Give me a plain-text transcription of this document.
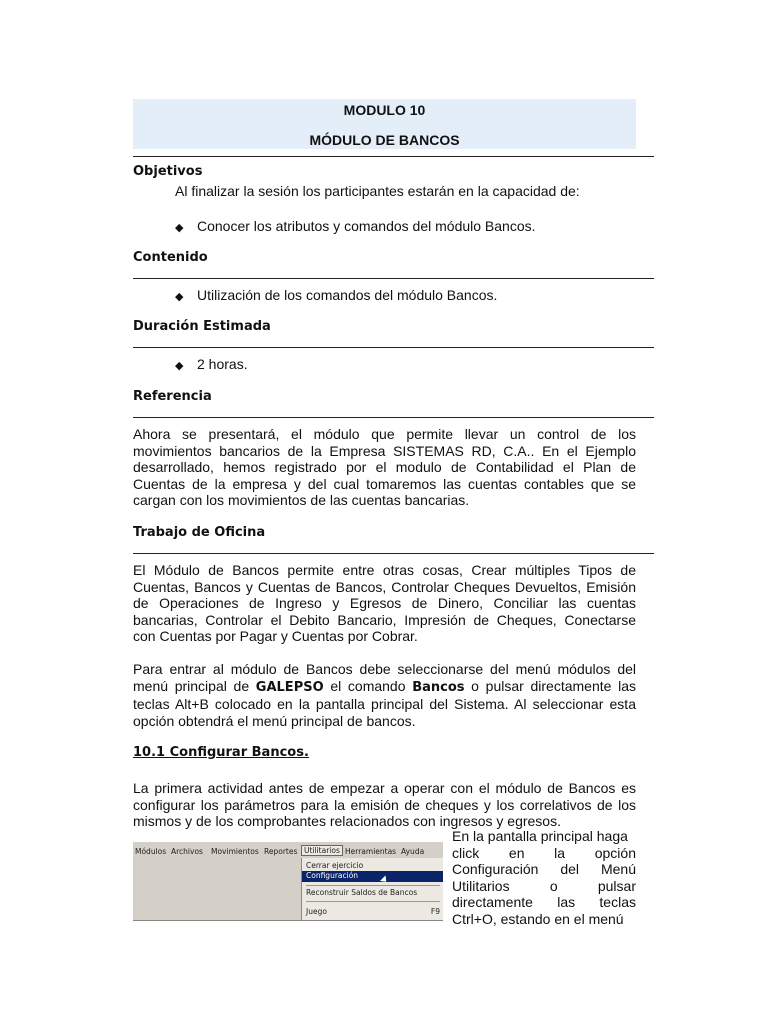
MODULO 10
MÓDULO DE BANCOS
Objetivos
Al finalizar la sesión los participantes estarán en la capacidad de:
◆ Conocer los atributos y comandos del módulo Bancos.
Contenido
◆ Utilización de los comandos del módulo Bancos.
Duración Estimada
◆ 2 horas.
Referencia
Ahora se presentará, el módulo que permite llevar un control de los
movimientos bancarios de la Empresa SISTEMAS RD, C.A.. En el Ejemplo
desarrollado, hemos registrado por el modulo de Contabilidad el Plan de
Cuentas de la empresa y del cual tomaremos las cuentas contables que se
cargan con los movimientos de las cuentas bancarias.
Trabajo de Oficina
El Módulo de Bancos permite entre otras cosas, Crear múltiples Tipos de
Cuentas, Bancos y Cuentas de Bancos, Controlar Cheques Devueltos, Emisión
de Operaciones de Ingreso y Egresos de Dinero, Conciliar las cuentas
bancarias, Controlar el Debito Bancario, Impresión de Cheques, Conectarse
con Cuentas por Pagar y Cuentas por Cobrar.
Para entrar al módulo de Bancos debe seleccionarse del menú módulos del
menú principal de GALEPSO el comando Bancos o pulsar directamente las
teclas Alt+B colocado en la pantalla principal del Sistema. Al seleccionar esta
opción obtendrá el menú principal de bancos.
10.1 Configurar Bancos.
La primera actividad antes de empezar a operar con el módulo de Bancos es
configurar los parámetros para la emisión de cheques y los correlativos de los
mismos y de los comprobantes relacionados con ingresos y egresos.
Módulos Archivos Movimientos Reportes Utilitarios Herramientas Ayuda
Cerrar ejercicio
Configuración
Reconstruir Saldos de Bancos
Juego	F9
En la pantalla principal haga
click en la opción
Configuración del Menú
Utilitarios	o	pulsar
directamente las teclas
Ctrl+O, estando en el menú
